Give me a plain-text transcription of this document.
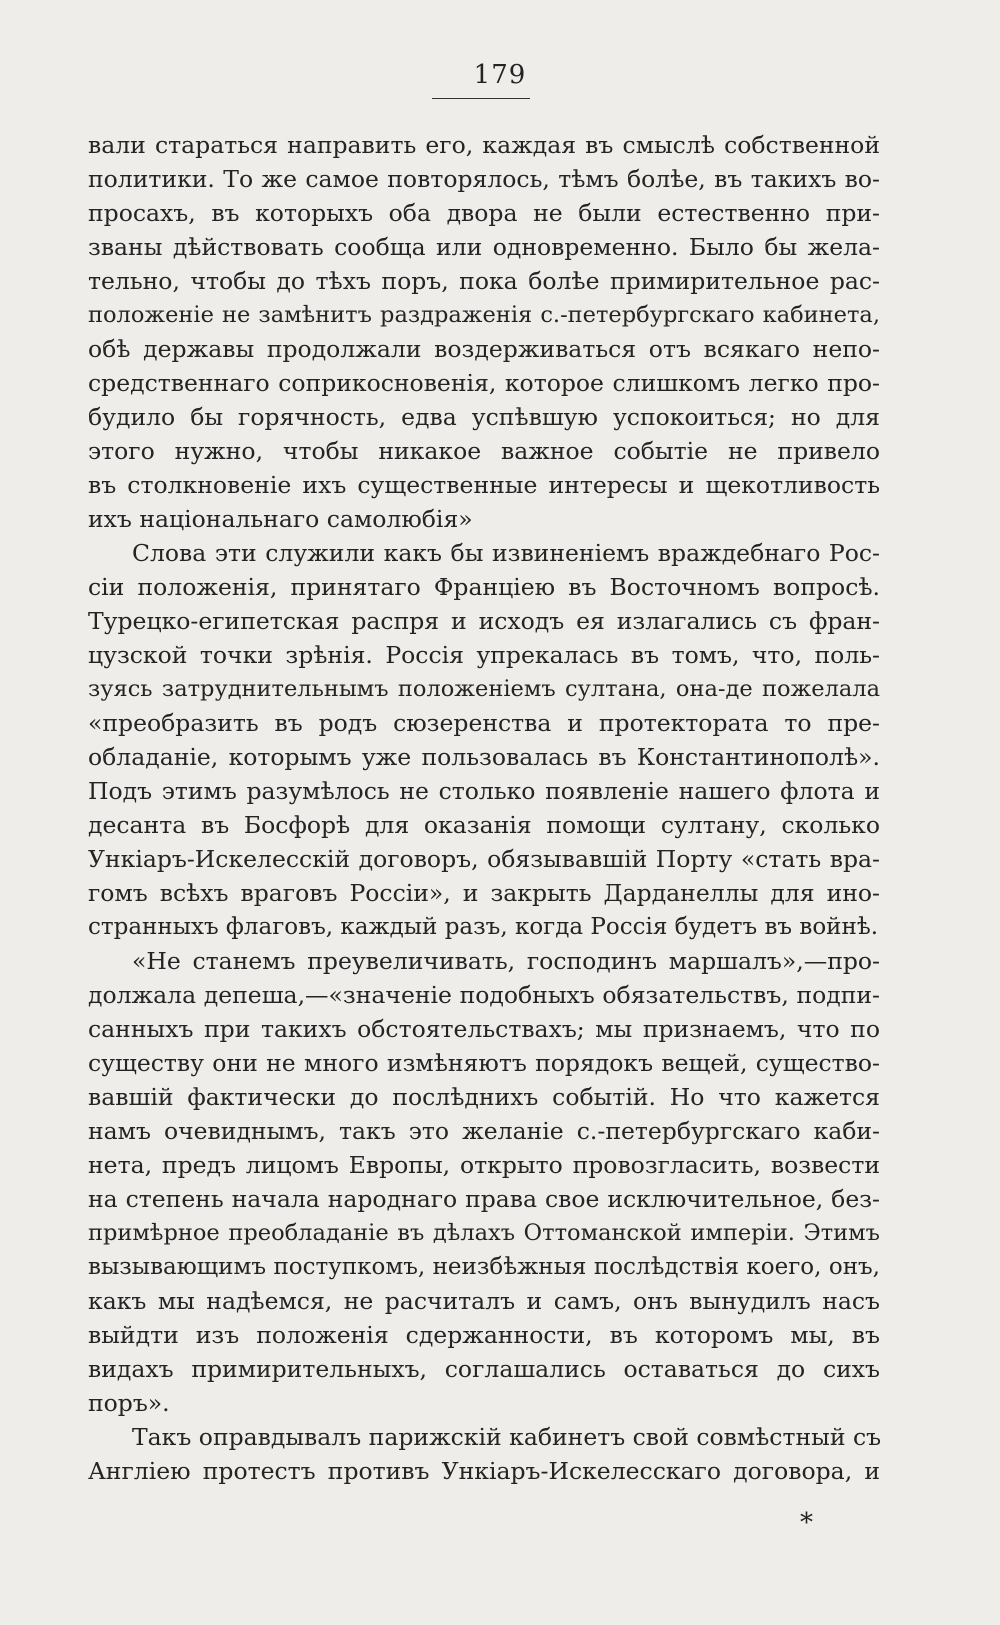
179
вали стараться направить его, каждая въ смыслѣ собственной
политики. То же самое повторялось, тѣмъ болѣе, въ такихъ во-
просахъ, въ которыхъ оба двора не были естественно при-
званы дѣйствовать сообща или одновременно. Было бы жела-
тельно, чтобы до тѣхъ поръ, пока болѣе примирительное рас-
положеніе не замѣнитъ раздраженія с.-петербургскаго кабинета,
обѣ державы продолжали воздерживаться отъ всякаго непо-
средственнаго соприкосновенія, которое слишкомъ легко про-
будило бы горячность, едва успѣвшую успокоиться; но для
этого нужно, чтобы никакое важное событіе не привело
въ столкновеніе ихъ существенные интересы и щекотливость
ихъ національнаго самолюбія»
Слова эти служили какъ бы извиненіемъ враждебнаго Рос-
сіи положенія, принятаго Франціею въ Восточномъ вопросѣ.
Турецко-египетская распря и исходъ ея излагались съ фран-
цузской точки зрѣнія. Россія упрекалась въ томъ, что, поль-
зуясь затруднительнымъ положеніемъ султана, она-де пожелала
«преобразить въ родъ сюзеренства и протектората то пре-
обладаніе, которымъ уже пользовалась въ Константинополѣ».
Подъ этимъ разумѣлось не столько появленіе нашего флота и
десанта въ Босфорѣ для оказанія помощи султану, сколько
Ункіаръ-Искелесскій договоръ, обязывавшій Порту «стать вра-
гомъ всѣхъ враговъ Россіи», и закрыть Дарданеллы для ино-
странныхъ флаговъ, каждый разъ, когда Россія будетъ въ войнѣ.
«Не станемъ преувеличивать, господинъ маршалъ»,—про-
должала депеша,—«значеніе подобныхъ обязательствъ, подпи-
санныхъ при такихъ обстоятельствахъ; мы признаемъ, что по
существу они не много измѣняютъ порядокъ вещей, существо-
вавшій фактически до послѣднихъ событій. Но что кажется
намъ очевиднымъ, такъ это желаніе с.-петербургскаго каби-
нета, предъ лицомъ Европы, открыто провозгласить, возвести
на степень начала народнаго права свое исключительное, без-
примѣрное преобладаніе въ дѣлахъ Оттоманской имперіи. Этимъ
вызывающимъ поступкомъ, неизбѣжныя послѣдствія коего, онъ,
какъ мы надѣемся, не расчиталъ и самъ, онъ вынудилъ насъ
выйдти изъ положенія сдержанности, въ которомъ мы, въ
видахъ примирительныхъ, соглашались оставаться до сихъ
поръ».
Такъ оправдывалъ парижскій кабинетъ свой совмѣстный съ
Англіею протестъ противъ Ункіаръ-Искелесскаго договора, и
*
